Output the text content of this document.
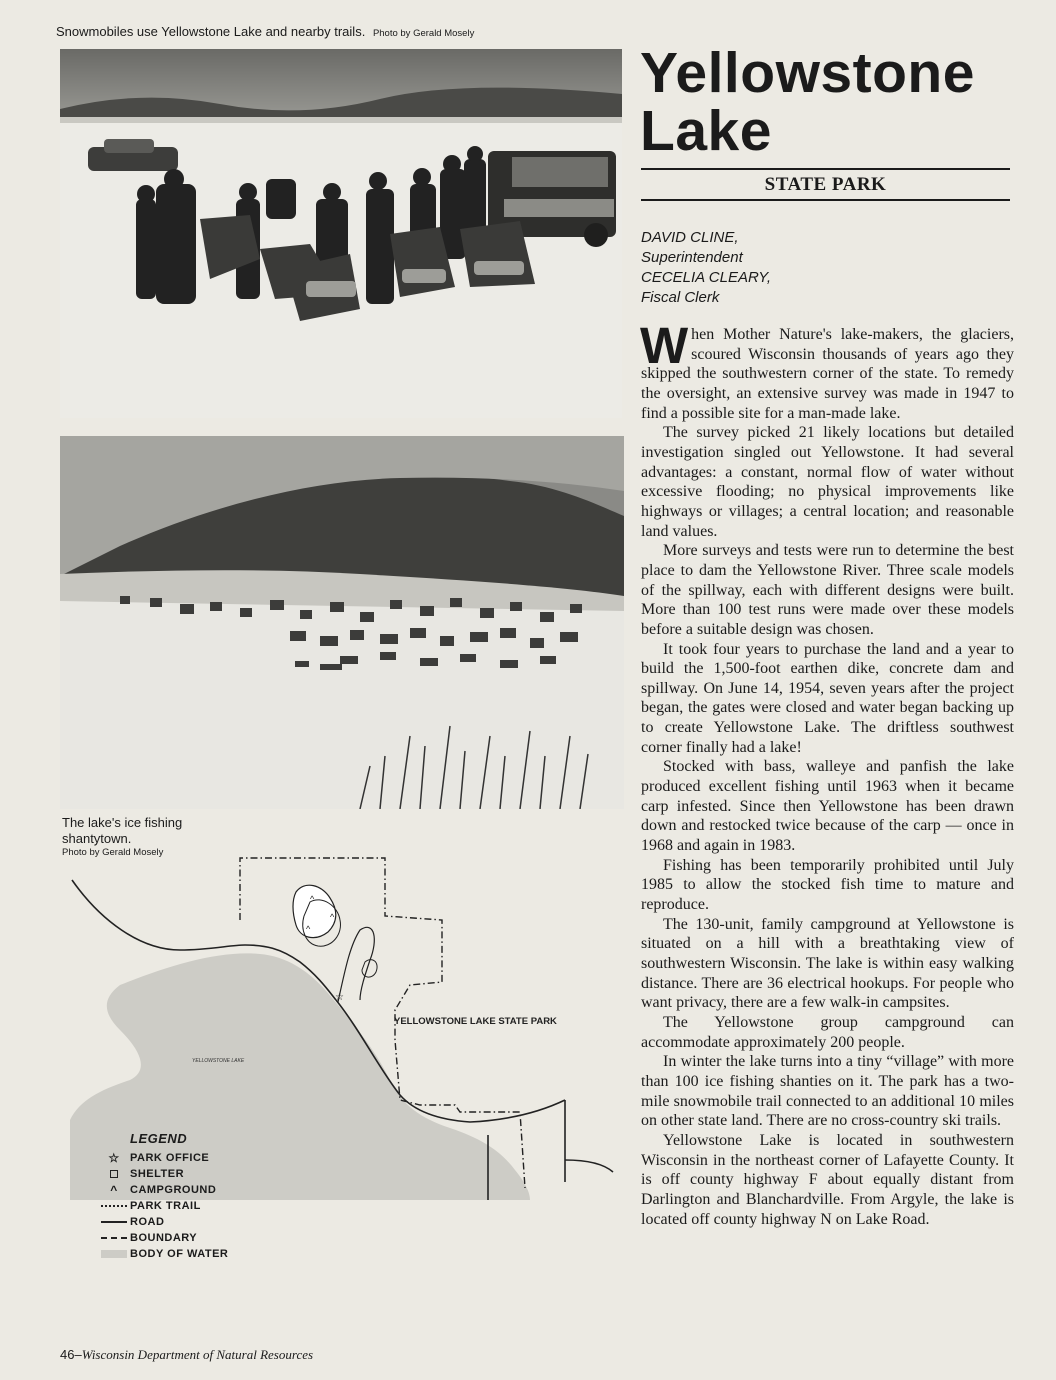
Snowmobiles use Yellowstone Lake and nearby trails. Photo by Gerald Mosely
The lake's ice fishing shantytown.
Photo by Gerald Mosely
^
^
^
☆
YELLOWSTONE LAKE
YELLOWSTONE LAKE STATE PARK
LEGEND
☆ PARK OFFICE
SHELTER
^	CAMPGROUND
PARK TRAIL
ROAD
BOUNDARY
BODY OF WATER
46–Wisconsin Department of Natural Resources
Yellowstone
Lake
STATE PARK
DAVID CLINE,
Superintendent
CECELIA CLEARY,
Fiscal Clerk

When Mother Nature's lake-makers, the glaciers, scoured Wisconsin thousands of years ago they skipped the southwestern corner of the state. To remedy the oversight, an extensive survey was made in 1947 to find a possible site for a man-made lake.

The survey picked 21 likely locations but detailed investigation singled out Yellowstone. It had several advantages: a constant, normal flow of water without excessive flooding; no physical improvements like highways or villages; a central location; and reasonable land values.

More surveys and tests were run to determine the best place to dam the Yellowstone River. Three scale models of the spillway, each with different designs were built. More than 100 test runs were made over these models before a suitable design was chosen.

It took four years to purchase the land and a year to build the 1,500-foot earthen dike, concrete dam and spillway. On June 14, 1954, seven years after the project began, the gates were closed and water began backing up to create Yellowstone Lake. The driftless southwest corner finally had a lake!

Stocked with bass, walleye and panfish the lake produced excellent fishing until 1963 when it became carp infested. Since then Yellowstone has been drawn down and restocked twice because of the carp — once in 1968 and again in 1983.

Fishing has been temporarily prohibited until July 1985 to allow the stocked fish time to mature and reproduce.

The 130-unit, family campground at Yellowstone is situated on a hill with a breathtaking view of southwestern Wisconsin. The lake is within easy walking distance. There are 36 electrical hookups. For people who want privacy, there are a few walk-in campsites.

The Yellowstone group campground can accommodate approximately 200 people.

In winter the lake turns into a tiny “village” with more than 100 ice fishing shanties on it. The park has a two-mile snowmobile trail connected to an additional 10 miles on other state land. There are no cross-country ski trails.

Yellowstone Lake is located in southwestern Wisconsin in the northeast corner of Lafayette County. It is off county highway F about equally distant from Darlington and Blanchardville. From Argyle, the lake is located off county highway N on Lake Road.
